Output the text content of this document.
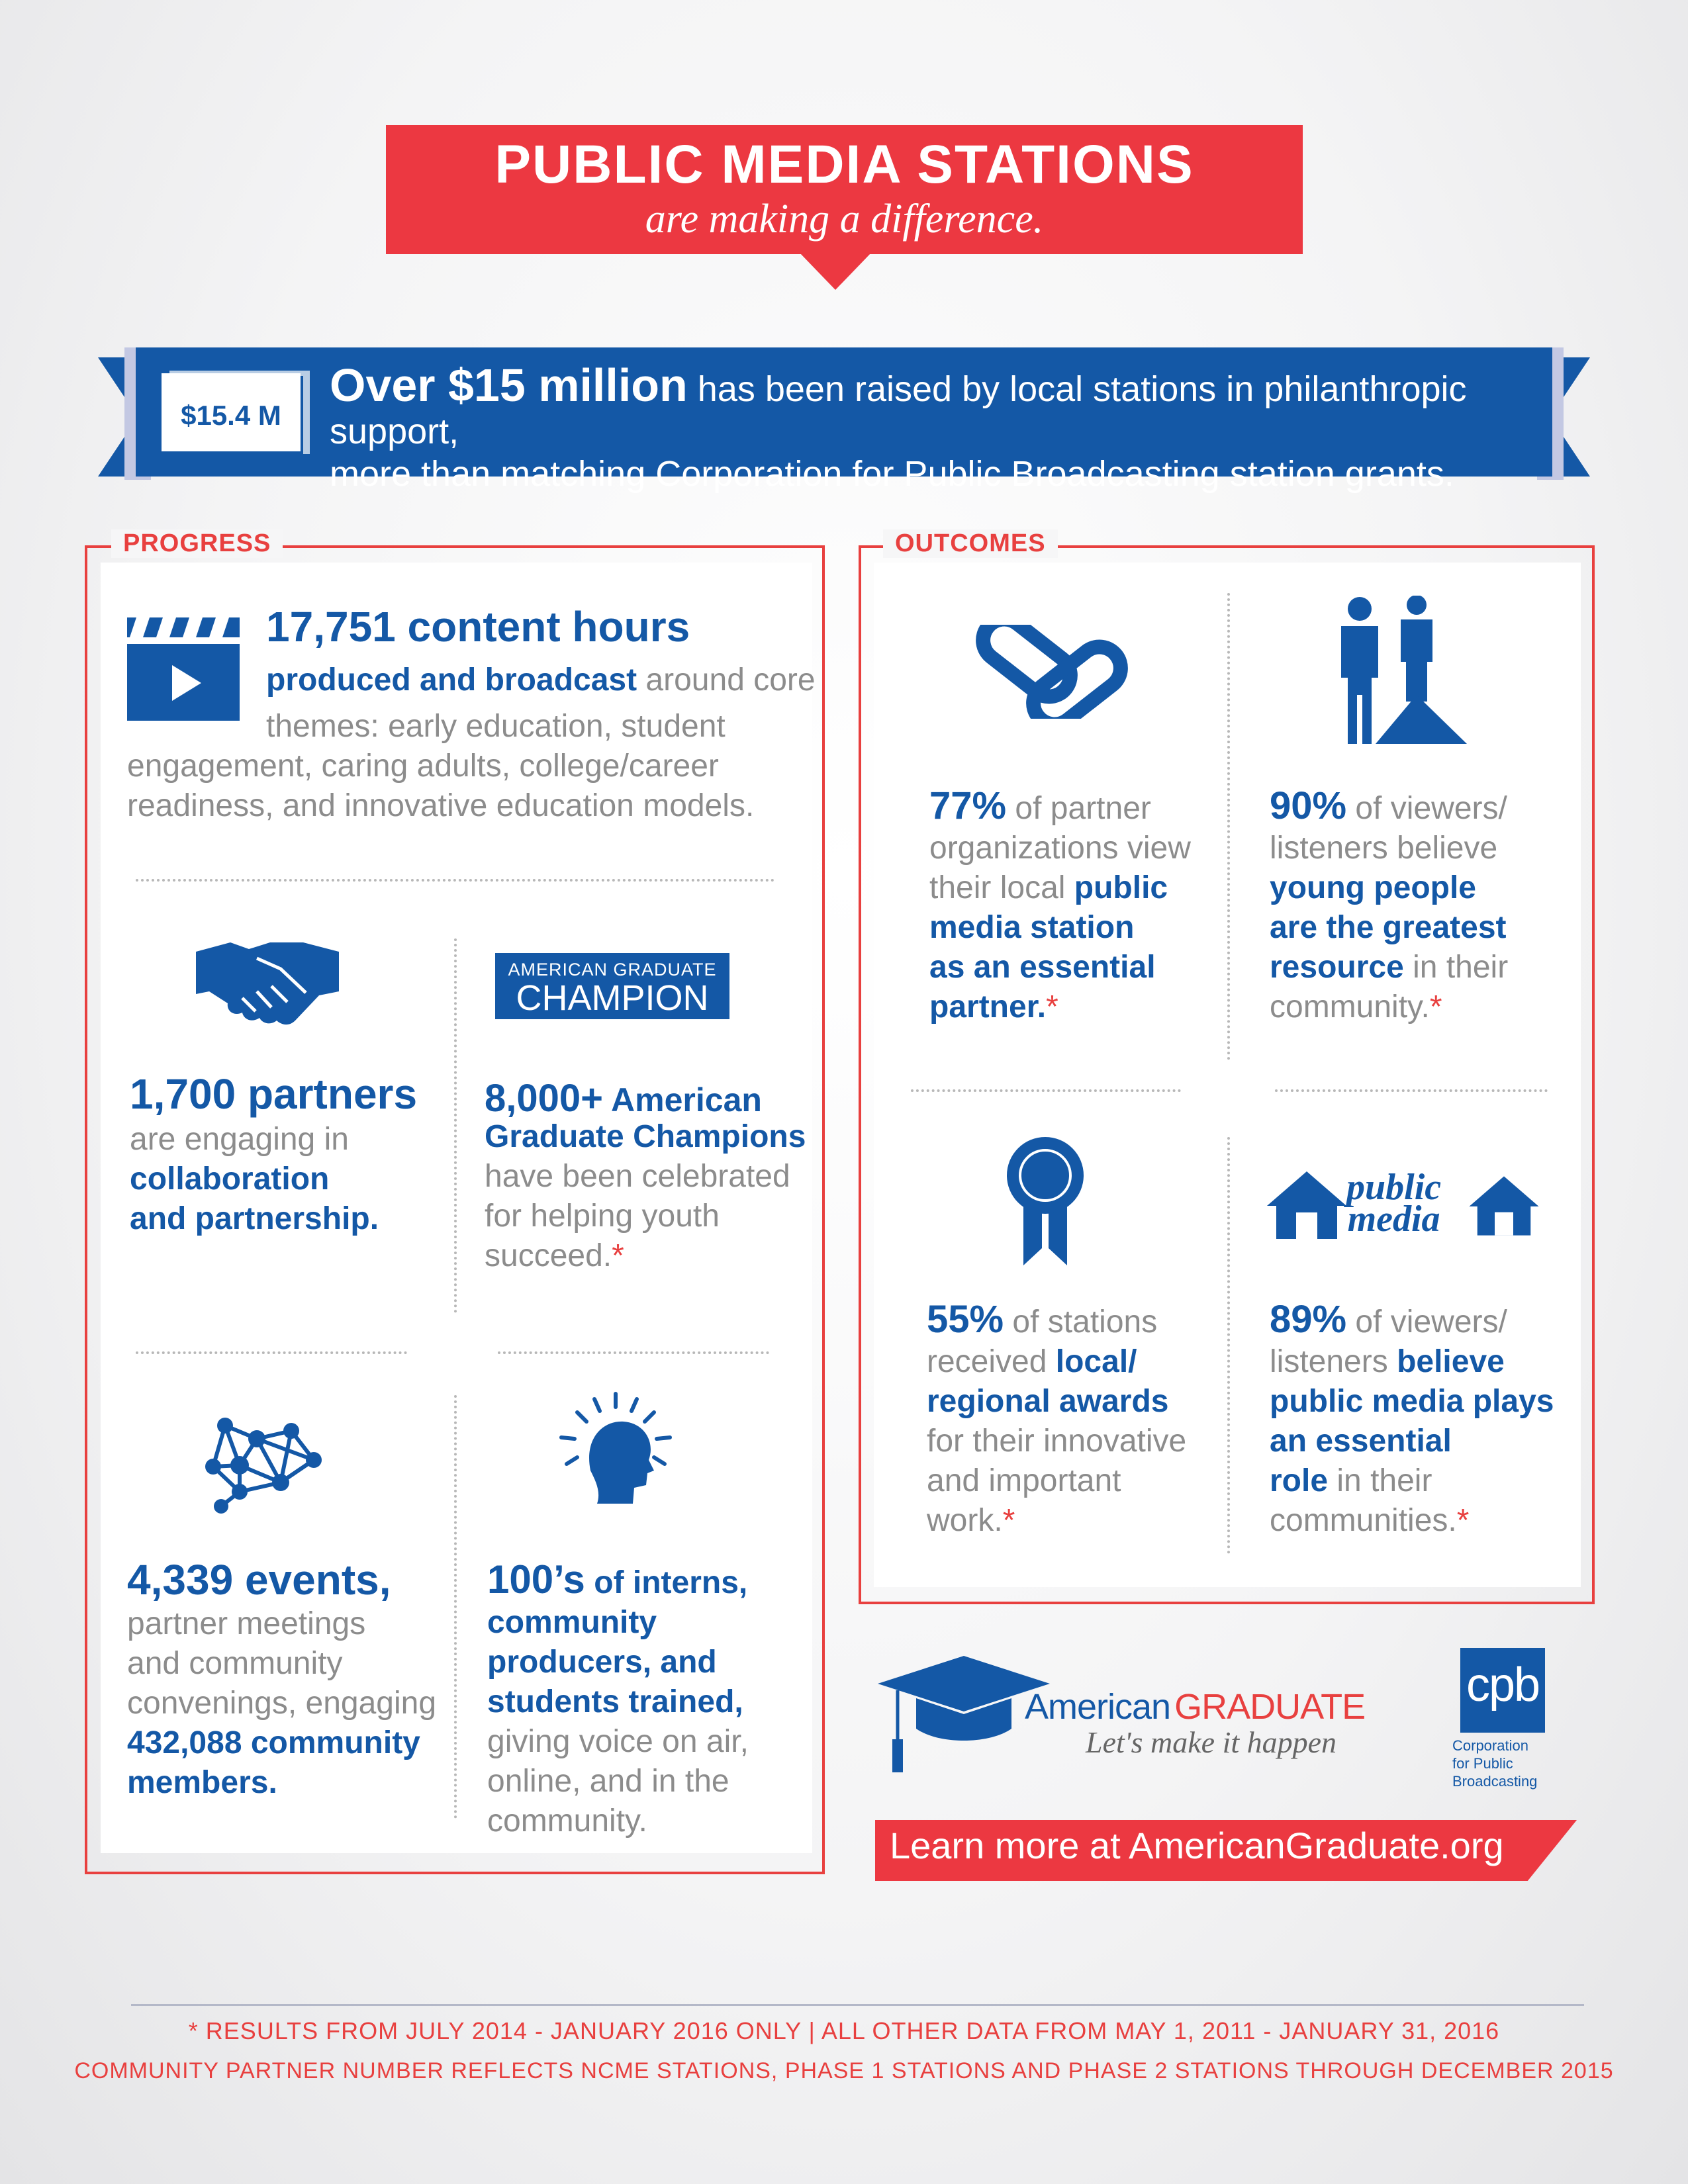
PUBLIC MEDIA STATIONS
are making a difference.
$15.4 M
Over $15 million has been raised by local stations in philanthropic support,
more than matching Corporation for Public Broadcasting station grants.
PROGRESS
17,751 content hours
produced and broadcast around core
themes: early education, student
engagement, caring adults, college/career
readiness, and innovative education models.
1,700 partners
are engaging in
collaboration
and partnership.
AMERICAN GRADUATE
CHAMPION
8,000+ American
Graduate Champions
have been celebrated
for helping youth
succeed.*
4,339 events,
partner meetings
and community
convenings, engaging
432,088 community
members.
100’s of interns,
community
producers, and
students trained,
giving voice on air,
online, and in the
community.
OUTCOMES
77% of partner
organizations view
their local public
media station
as an essential
partner.*
90% of viewers/
listeners believe
young people
are the greatest
resource in their
community.*
55% of stations
received local/
regional awards
for their innovative
and important
work.*
public
media
89% of viewers/
listeners believe
public media plays
an essential
role in their
communities.*
American GRADUATE
Let's make it happen
cpb
Corporation
for Public
Broadcasting
Learn more at AmericanGraduate.org
* RESULTS FROM JULY 2014 - JANUARY 2016 ONLY | ALL OTHER DATA FROM MAY 1, 2011 - JANUARY 31, 2016
COMMUNITY PARTNER NUMBER REFLECTS NCME STATIONS, PHASE 1 STATIONS AND PHASE 2 STATIONS THROUGH DECEMBER 2015
